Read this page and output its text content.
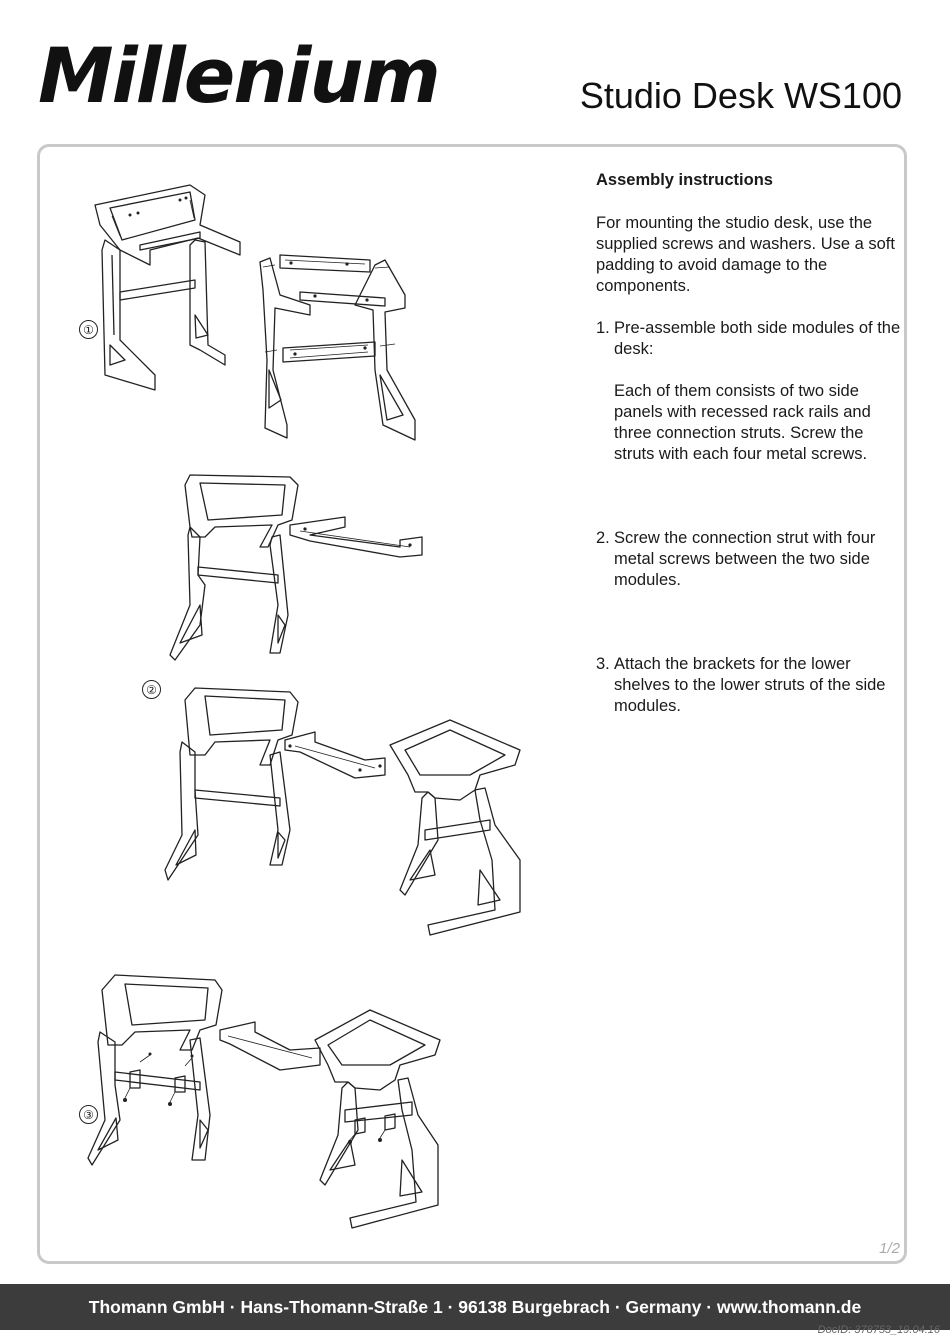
Millenium	Studio Desk WS100
Assembly instructions

For mounting the studio desk, use the supplied screws and washers. Use a soft padding to avoid damage to the components.

1. Pre-assemble both side modules of the desk:

Each of them consists of two side panels with recessed rack rails and three connection struts. Screw the struts with each four metal screws.

2. Screw the connection strut with four metal screws between the two side modules.

3. Attach the brackets for the lower shelves to the lower struts of the side modules.

①
②
③
1/2
Thomann GmbH · Hans-Thomann-Straße 1 · 96138 Burgebrach · Germany · www.thomann.de
DocID: 378753_19.04.16
